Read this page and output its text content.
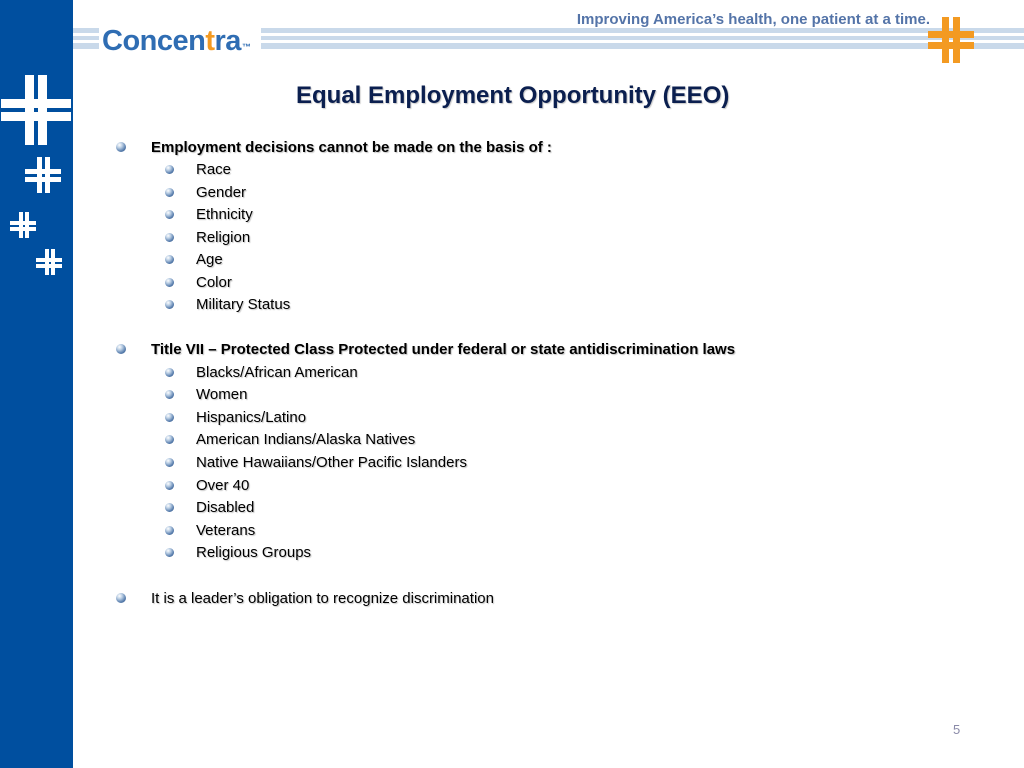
Concentra™
Improving America’s health, one patient at a time.
Equal Employment Opportunity (EEO)
Employment decisions cannot be made on the basis of :
Race
Gender
Ethnicity
Religion
Age
Color
Military Status
Title VII – Protected Class Protected under federal or state antidiscrimination laws
Blacks/African American
Women
Hispanics/Latino
American Indians/Alaska Natives
Native Hawaiians/Other Pacific Islanders
Over 40
Disabled
Veterans
Religious Groups
It is a leader’s obligation to recognize discrimination
5
